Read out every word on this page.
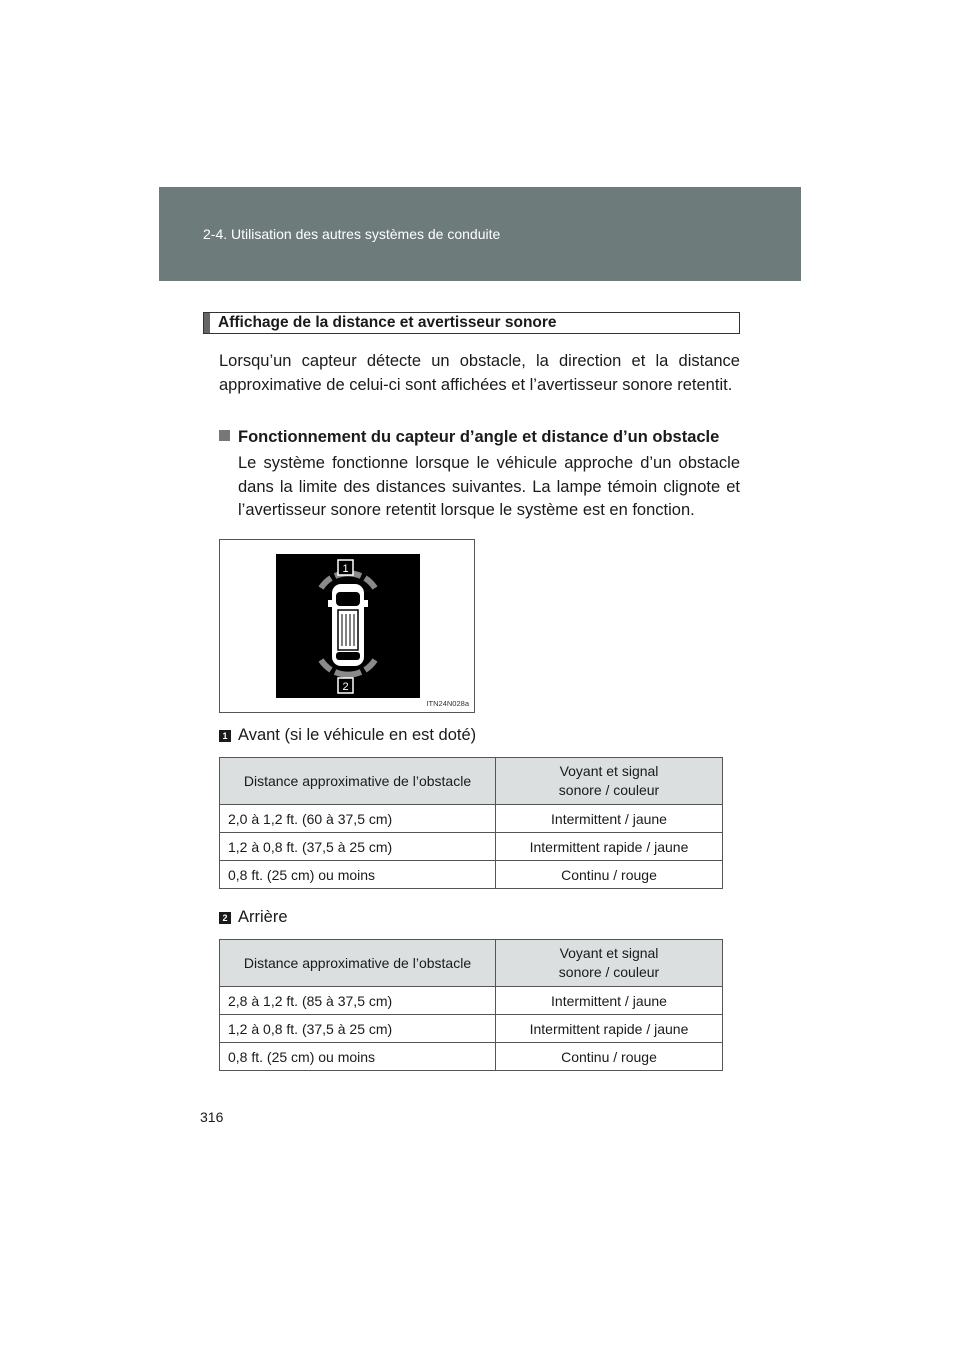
2-4. Utilisation des autres systèmes de conduite
Affichage de la distance et avertisseur sonore
Lorsqu’un capteur détecte un obstacle, la direction et la distance approximative de celui-ci sont affichées et l’avertisseur sonore retentit.
Fonctionnement du capteur d’angle et distance d’un obstacle
Le système fonctionne lorsque le véhicule approche d’un obstacle dans la limite des distances suivantes. La lampe témoin clignote et l’avertisseur sonore retentit lorsque le système est en fonction.
1
2
ITN24N028a
1 Avant (si le véhicule en est doté)
Distance approximative de l’obstacle	Voyant et signal
sonore / couleur
2,0 à 1,2 ft. (60 à 37,5 cm)	Intermittent / jaune
1,2 à 0,8 ft. (37,5 à 25 cm)	Intermittent rapide / jaune
0,8 ft. (25 cm) ou moins	Continu / rouge
2 Arrière
Distance approximative de l’obstacle	Voyant et signal
sonore / couleur
2,8 à 1,2 ft. (85 à 37,5 cm)	Intermittent / jaune
1,2 à 0,8 ft. (37,5 à 25 cm)	Intermittent rapide / jaune
0,8 ft. (25 cm) ou moins	Continu / rouge
316
